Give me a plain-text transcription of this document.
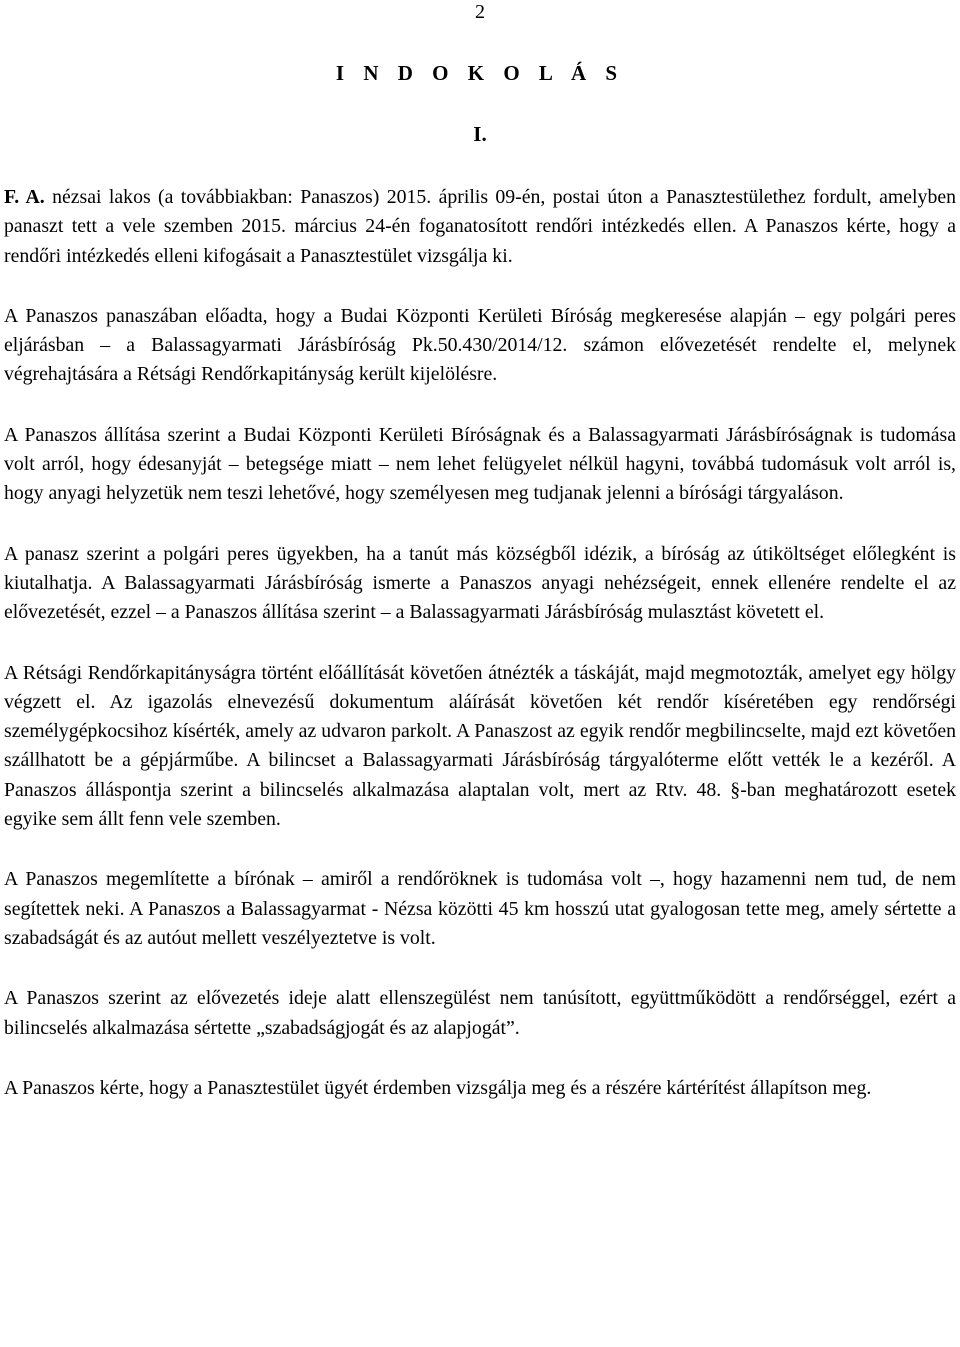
2
I N D O K O L Á S
I.

F. A. nézsai lakos (a továbbiakban: Panaszos) 2015. április 09-én, postai úton a Panasztestülethez fordult, amelyben panaszt tett a vele szemben 2015. március 24-én foganatosított rendőri intézkedés ellen. A Panaszos kérte, hogy a rendőri intézkedés elleni kifogásait a Panasztestület vizsgálja ki.

A Panaszos panaszában előadta, hogy a Budai Központi Kerületi Bíróság megkeresése alapján – egy polgári peres eljárásban – a Balassagyarmati Járásbíróság Pk.50.430/2014/12. számon elővezetését rendelte el, melynek végrehajtására a Rétsági Rendőrkapitányság került kijelölésre.

A Panaszos állítása szerint a Budai Központi Kerületi Bíróságnak és a Balassagyarmati Járásbíróságnak is tudomása volt arról, hogy édesanyját – betegsége miatt – nem lehet felügyelet nélkül hagyni, továbbá tudomásuk volt arról is, hogy anyagi helyzetük nem teszi lehetővé, hogy személyesen meg tudjanak jelenni a bírósági tárgyaláson.

A panasz szerint a polgári peres ügyekben, ha a tanút más községből idézik, a bíróság az útiköltséget előlegként is kiutalhatja. A Balassagyarmati Járásbíróság ismerte a Panaszos anyagi nehézségeit, ennek ellenére rendelte el az elővezetését, ezzel – a Panaszos állítása szerint – a Balassagyarmati Járásbíróság mulasztást követett el.

A Rétsági Rendőrkapitányságra történt előállítását követően átnézték a táskáját, majd megmotozták, amelyet egy hölgy végzett el. Az igazolás elnevezésű dokumentum aláírását követően két rendőr kíséretében egy rendőrségi személygépkocsihoz kísérték, amely az udvaron parkolt. A Panaszost az egyik rendőr megbilincselte, majd ezt követően szállhatott be a gépjárműbe. A bilincset a Balassagyarmati Járásbíróság tárgyalóterme előtt vették le a kezéről. A Panaszos álláspontja szerint a bilincselés alkalmazása alaptalan volt, mert az Rtv. 48. §-ban meghatározott esetek egyike sem állt fenn vele szemben.

A Panaszos megemlítette a bírónak – amiről a rendőröknek is tudomása volt –, hogy hazamenni nem tud, de nem segítettek neki. A Panaszos a Balassagyarmat - Nézsa közötti 45 km hosszú utat gyalogosan tette meg, amely sértette a szabadságát és az autóut mellett veszélyeztetve is volt.

A Panaszos szerint az elővezetés ideje alatt ellenszegülést nem tanúsított, együttműködött a rendőrséggel, ezért a bilincselés alkalmazása sértette „szabadságjogát és az alapjogát”.

A Panaszos kérte, hogy a Panasztestület ügyét érdemben vizsgálja meg és a részére kártérítést állapítson meg.
